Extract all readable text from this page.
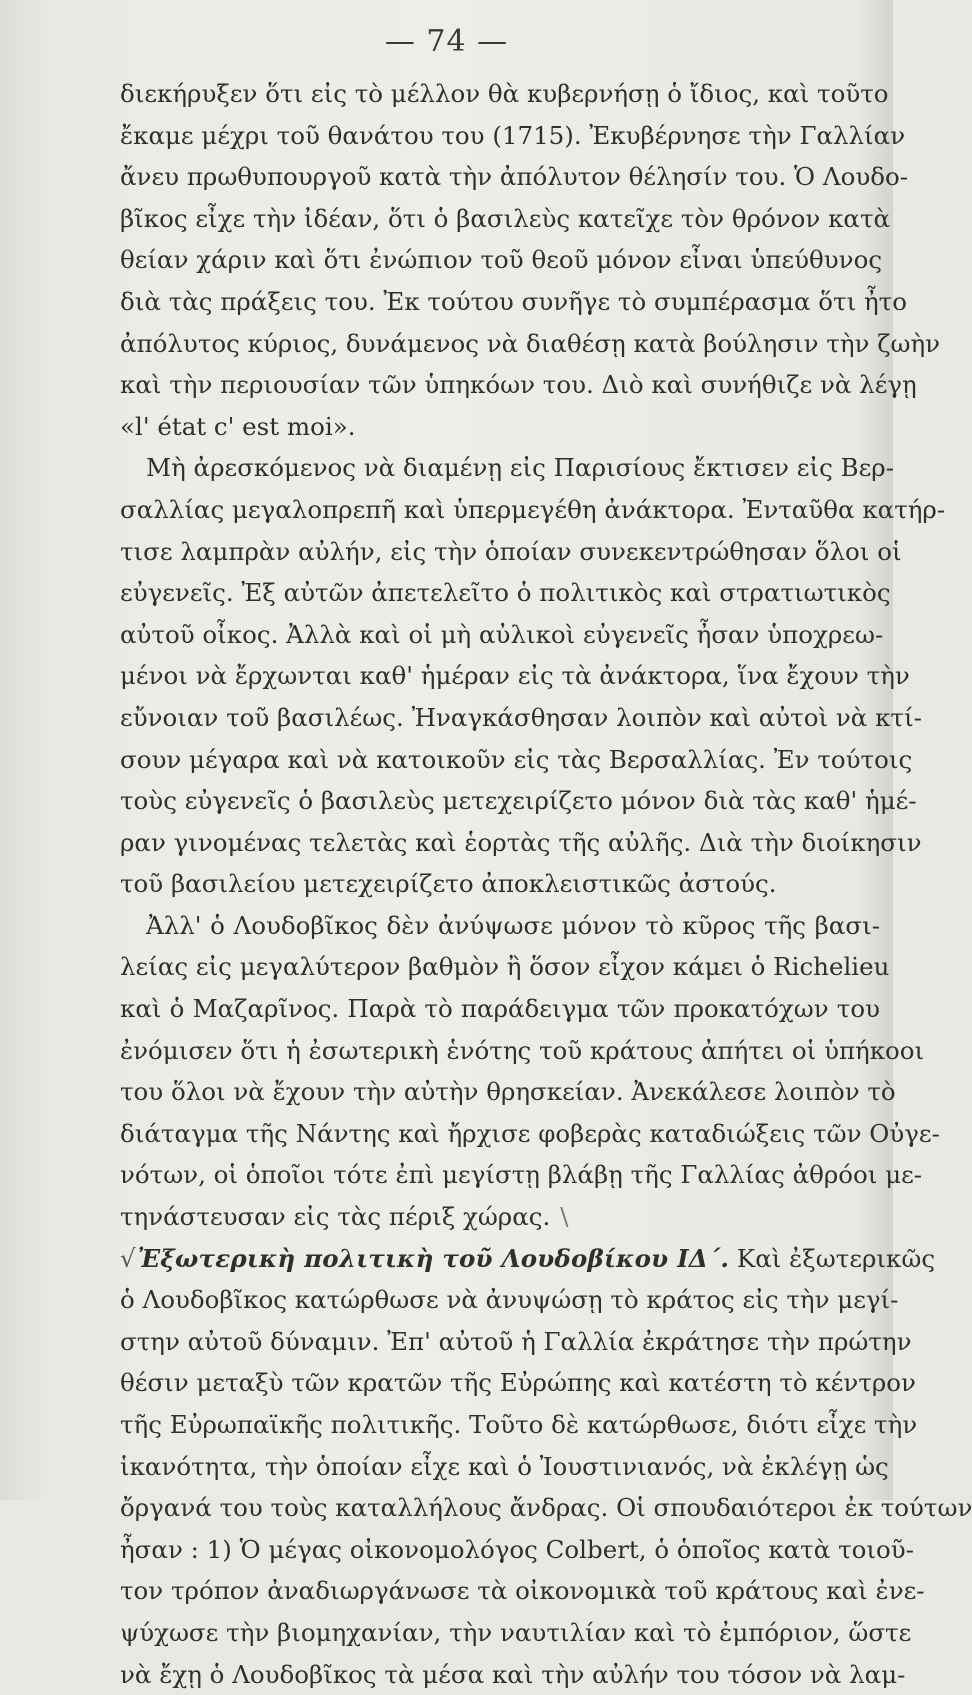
— 74 —
διεκήρυξεν ὅτι εἰς τὸ μέλλον θὰ κυβερνήσῃ ὁ ἴδιος, καὶ τοῦτο
ἔκαμε μέχρι τοῦ θανάτου του (1715). Ἐκυβέρνησε τὴν Γαλλίαν
ἄνευ πρωθυπουργοῦ κατὰ τὴν ἀπόλυτον θέλησίν του. Ὁ Λουδο-
βῖκος εἶχε τὴν ἰδέαν, ὅτι ὁ βασιλεὺς κατεῖχε τὸν θρόνον κατὰ
θείαν χάριν καὶ ὅτι ἐνώπιον τοῦ θεοῦ μόνον εἶναι ὑπεύθυνος
διὰ τὰς πράξεις του. Ἐκ τούτου συνῆγε τὸ συμπέρασμα ὅτι ἦτο
ἀπόλυτος κύριος, δυνάμενος νὰ διαθέσῃ κατὰ βούλησιν τὴν ζωὴν
καὶ τὴν περιουσίαν τῶν ὑπηκόων του. Διὸ καὶ συνήθιζε νὰ λέγῃ
«l' état c' est moi».
Μὴ ἀρεσκόμενος νὰ διαμένῃ εἰς Παρισίους ἔκτισεν εἰς Βερ-
σαλλίας μεγαλοπρεπῆ καὶ ὑπερμεγέθη ἀνάκτορα. Ἐνταῦθα κατήρ-
τισε λαμπρὰν αὐλήν, εἰς τὴν ὁποίαν συνεκεντρώθησαν ὅλοι οἱ
εὐγενεῖς. Ἐξ αὐτῶν ἀπετελεῖτο ὁ πολιτικὸς καὶ στρατιωτικὸς
αὐτοῦ οἶκος. Ἀλλὰ καὶ οἱ μὴ αὐλικοὶ εὐγενεῖς ἦσαν ὑποχρεω-
μένοι νὰ ἔρχωνται καθ' ἡμέραν εἰς τὰ ἀνάκτορα, ἵνα ἔχουν τὴν
εὔνοιαν τοῦ βασιλέως. Ἠναγκάσθησαν λοιπὸν καὶ αὐτοὶ νὰ κτί-
σουν μέγαρα καὶ νὰ κατοικοῦν εἰς τὰς Βερσαλλίας. Ἐν τούτοις
τοὺς εὐγενεῖς ὁ βασιλεὺς μετεχειρίζετο μόνον διὰ τὰς καθ' ἡμέ-
ραν γινομένας τελετὰς καὶ ἑορτὰς τῆς αὐλῆς. Διὰ τὴν διοίκησιν
τοῦ βασιλείου μετεχειρίζετο ἀποκλειστικῶς ἀστούς.
Ἀλλ' ὁ Λουδοβῖκος δὲν ἀνύψωσε μόνον τὸ κῦρος τῆς βασι-
λείας εἰς μεγαλύτερον βαθμὸν ἢ ὅσον εἶχον κάμει ὁ Richelieu
καὶ ὁ Μαζαρῖνος. Παρὰ τὸ παράδειγμα τῶν προκατόχων του
ἐνόμισεν ὅτι ἡ ἐσωτερικὴ ἑνότης τοῦ κράτους ἀπήτει οἱ ὑπήκοοι
του ὅλοι νὰ ἔχουν τὴν αὐτὴν θρησκείαν. Ἀνεκάλεσε λοιπὸν τὸ
διάταγμα τῆς Νάντης καὶ ἤρχισε φοβερὰς καταδιώξεις τῶν Οὐγε-
νότων, οἱ ὁποῖοι τότε ἐπὶ μεγίστῃ βλάβῃ τῆς Γαλλίας ἀθρόοι με-
τηνάστευσαν εἰς τὰς πέριξ χώρας. \
√Ἐξωτερικὴ πολιτικὴ τοῦ Λουδοβίκου ΙΔ΄. Καὶ ἐξωτερικῶς
ὁ Λουδοβῖκος κατώρθωσε νὰ ἀνυψώσῃ τὸ κράτος εἰς τὴν μεγί-
στην αὐτοῦ δύναμιν. Ἐπ' αὐτοῦ ἡ Γαλλία ἐκράτησε τὴν πρώτην
θέσιν μεταξὺ τῶν κρατῶν τῆς Εὐρώπης καὶ κατέστη τὸ κέντρον
τῆς Εὐρωπαϊκῆς πολιτικῆς. Τοῦτο δὲ κατώρθωσε, διότι εἶχε τὴν
ἱκανότητα, τὴν ὁποίαν εἶχε καὶ ὁ Ἰουστινιανός, νὰ ἐκλέγῃ ὡς
ὄργανά του τοὺς καταλλήλους ἄνδρας. Οἱ σπουδαιότεροι ἐκ τούτων
ἦσαν : 1) Ὁ μέγας οἰκονομολόγος Colbert, ὁ ὁποῖος κατὰ τοιοῦ-
τον τρόπον ἀναδιωργάνωσε τὰ οἰκονομικὰ τοῦ κράτους καὶ ἐνε-
ψύχωσε τὴν βιομηχανίαν, τὴν ναυτιλίαν καὶ τὸ ἐμπόριον, ὥστε
νὰ ἔχῃ ὁ Λουδοβῖκος τὰ μέσα καὶ τὴν αὐλήν του τόσον νὰ λαμ-
